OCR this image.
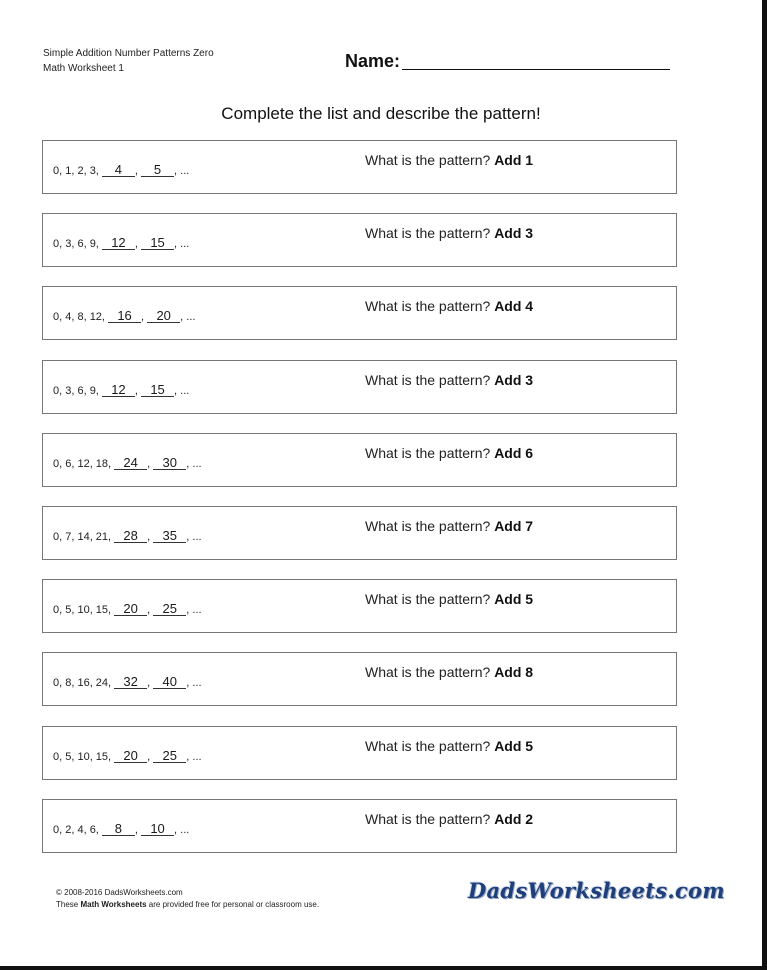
Simple Addition Number Patterns Zero
Math Worksheet 1	Name:
Complete the list and describe the pattern!
0, 1, 2, 3, 4 , 5 , ...
What is the pattern? Add 1
0, 3, 6, 9, 12 , 15 , ...
What is the pattern? Add 3
0, 4, 8, 12, 16 , 20 , ...
What is the pattern? Add 4
0, 3, 6, 9, 12 , 15 , ...
What is the pattern? Add 3
0, 6, 12, 18, 24 , 30 , ...
What is the pattern? Add 6
0, 7, 14, 21, 28 , 35 , ...
What is the pattern? Add 7
0, 5, 10, 15, 20 , 25 , ...
What is the pattern? Add 5
0, 8, 16, 24, 32 , 40 , ...
What is the pattern? Add 8
0, 5, 10, 15, 20 , 25 , ...
What is the pattern? Add 5
0, 2, 4, 6, 8 , 10 , ...
What is the pattern? Add 2
© 2008-2016 DadsWorksheets.com
These Math Worksheets are provided free for personal or classroom use.
DadsWorksheets.com
